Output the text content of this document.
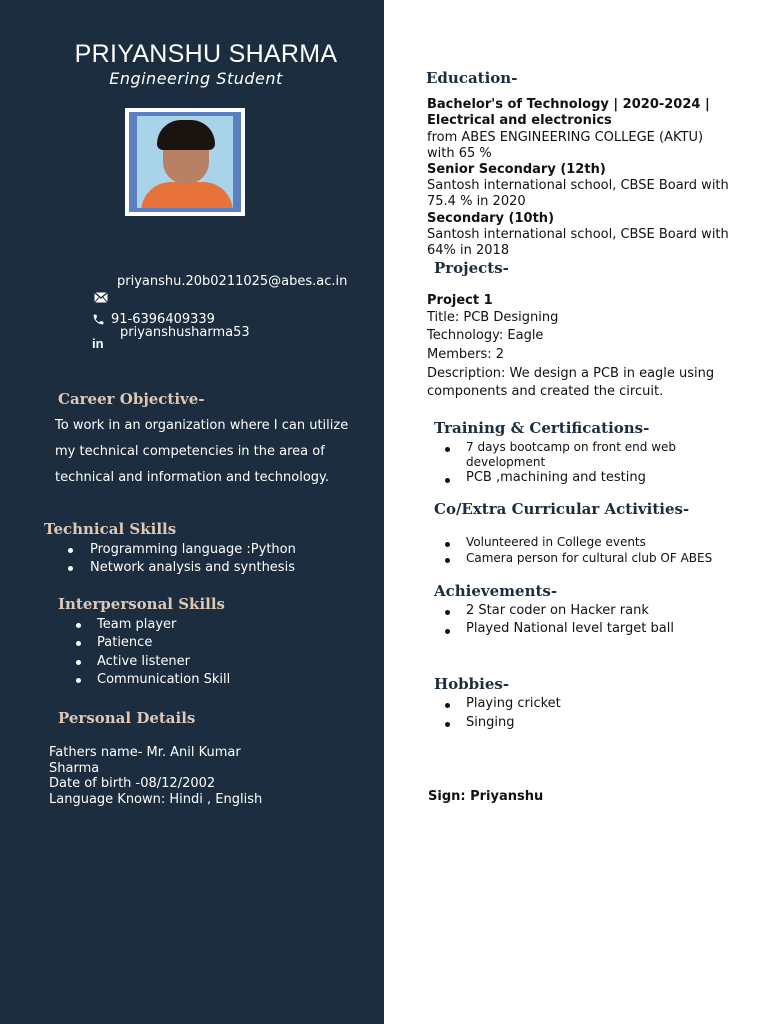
PRIYANSHU SHARMA
Engineering Student
priyanshu.20b0211025@abes.ac.in
91-6396409339
priyanshusharma53
in
Career Objective-
To work in an organization where I can utilize
my technical competencies in the area of
technical and information and technology.
Technical Skills
Programming language :Python
Network analysis and synthesis
Interpersonal Skills
Team player
Patience
Active listener
Communication Skill
Personal Details
Fathers name- Mr. Anil Kumar
Sharma
Date of birth -08/12/2002
Language Known: Hindi , English
Education-
Bachelor's of Technology | 2020-2024 |
Electrical and electronics
from ABES ENGINEERING COLLEGE (AKTU)
with 65 %
Senior Secondary (12th)
Santosh international school, CBSE Board with
75.4 % in 2020
Secondary (10th)
Santosh international school, CBSE Board with
64% in 2018
Projects-
Project 1
Title: PCB Designing
Technology: Eagle
Members: 2
Description: We design a PCB in eagle using
components and created the circuit.
Training & Certifications-
7 days bootcamp on front end web
development
PCB ,machining and testing
Co/Extra Curricular Activities-
Volunteered in College events
Camera person for cultural club OF ABES
Achievements-
2 Star coder on Hacker rank
Played National level target ball
Hobbies-
Playing cricket
Singing
Sign: Priyanshu
